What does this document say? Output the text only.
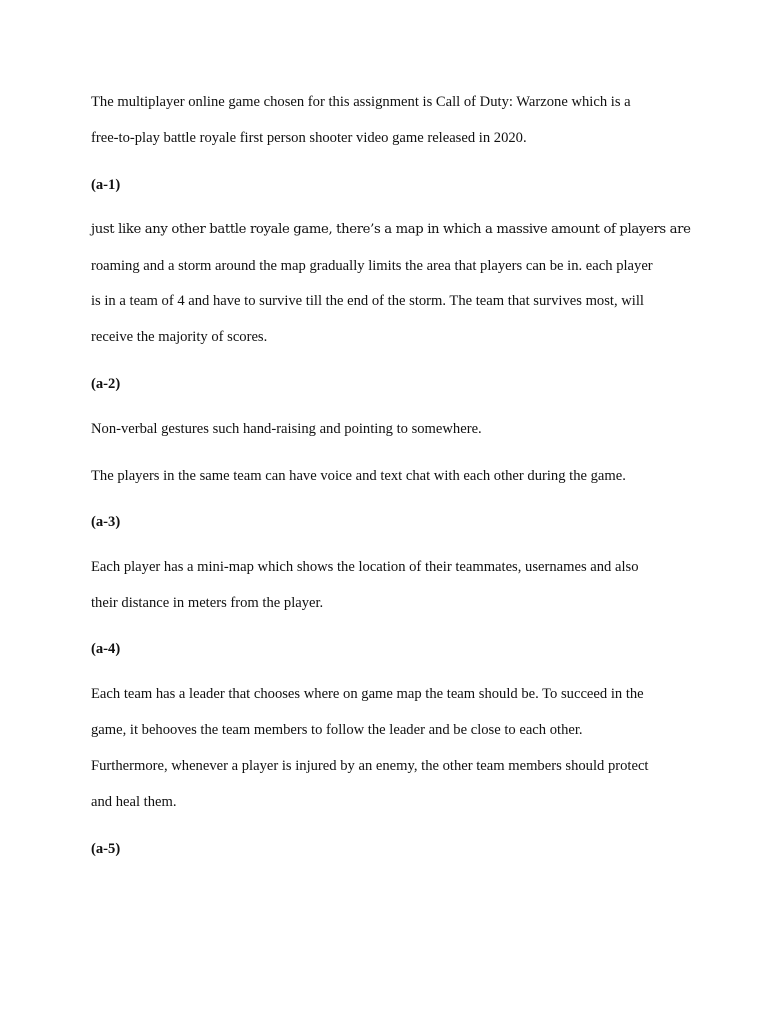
The multiplayer online game chosen for this assignment is Call of Duty: Warzone which is a
free-to-play battle royale first person shooter video game released in 2020.
(a-1)
just like any other battle royale game, there’s a map in which a massive amount of players are
roaming and a storm around the map gradually limits the area that players can be in. each player
is in a team of 4 and have to survive till the end of the storm. The team that survives most, will
receive the majority of scores.
(a-2)
Non-verbal gestures such hand-raising and pointing to somewhere.
The players in the same team can have voice and text chat with each other during the game.
(a-3)
Each player has a mini-map which shows the location of their teammates, usernames and also
their distance in meters from the player.
(a-4)
Each team has a leader that chooses where on game map the team should be. To succeed in the
game, it behooves the team members to follow the leader and be close to each other.
Furthermore, whenever a player is injured by an enemy, the other team members should protect
and heal them.
(a-5)
